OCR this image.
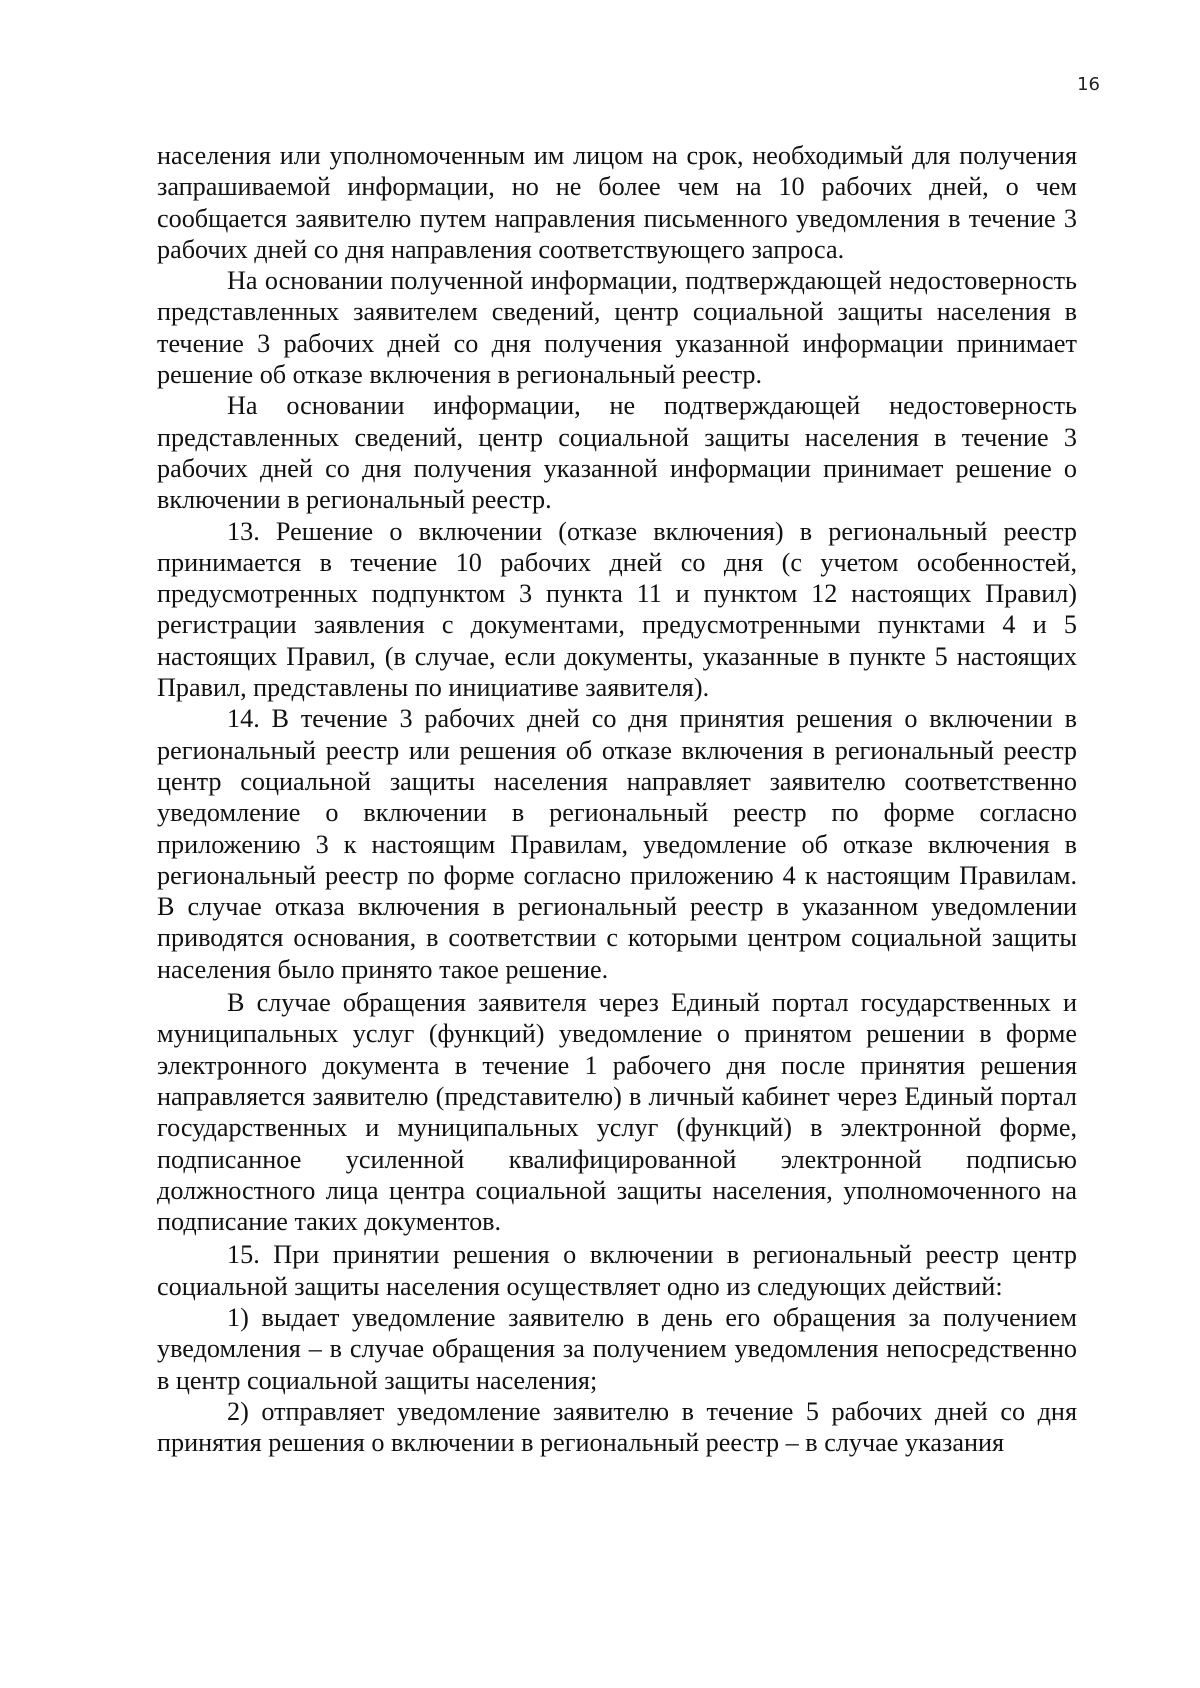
16

населения или уполномоченным им лицом на срок, необходимый для получения запрашиваемой информации, но не более чем на 10 рабочих дней, о чем сообщается заявителю путем направления письменного уведомления в течение 3 рабочих дней со дня направления соответствующего запроса.

На основании полученной информации, подтверждающей недостоверность представленных заявителем сведений, центр социальной защиты населения в течение 3 рабочих дней со дня получения указанной информации принимает решение об отказе включения в региональный реестр.

На основании информации, не подтверждающей недостоверность представленных сведений, центр социальной защиты населения в течение 3 рабочих дней со дня получения указанной информации принимает решение о включении в региональный реестр.

13. Решение о включении (отказе включения) в региональный реестр принимается в течение 10 рабочих дней со дня (с учетом особенностей, предусмотренных подпунктом 3 пункта 11 и пунктом 12 настоящих Правил) регистрации заявления с документами, предусмотренными пунктами 4 и 5 настоящих Правил, (в случае, если документы, указанные в пункте 5 настоящих Правил, представлены по инициативе заявителя).

14. В течение 3 рабочих дней со дня принятия решения о включении в региональный реестр или решения об отказе включения в региональный реестр центр социальной защиты населения направляет заявителю соответственно уведомление о включении в региональный реестр по форме согласно приложению 3 к настоящим Правилам, уведомление об отказе включения в региональный реестр по форме согласно приложению 4 к настоящим Правилам. В случае отказа включения в региональный реестр в указанном уведомлении приводятся основания, в соответствии с которыми центром социальной защиты населения было принято такое решение.

В случае обращения заявителя через Единый портал государственных и муниципальных услуг (функций) уведомление о принятом решении в форме электронного документа в течение 1 рабочего дня после принятия решения направляется заявителю (представителю) в личный кабинет через Единый портал государственных и муниципальных услуг (функций) в электронной форме, подписанное усиленной квалифицированной электронной подписью должностного лица центра социальной защиты населения, уполномоченного на подписание таких документов.

15. При принятии решения о включении в региональный реестр центр социальной защиты населения осуществляет одно из следующих действий:

1) выдает уведомление заявителю в день его обращения за получением уведомления – в случае обращения за получением уведомления непосредственно в центр социальной защиты населения;

2) отправляет уведомление заявителю в течение 5 рабочих дней со дня принятия решения о включении в региональный реестр – в случае указания
